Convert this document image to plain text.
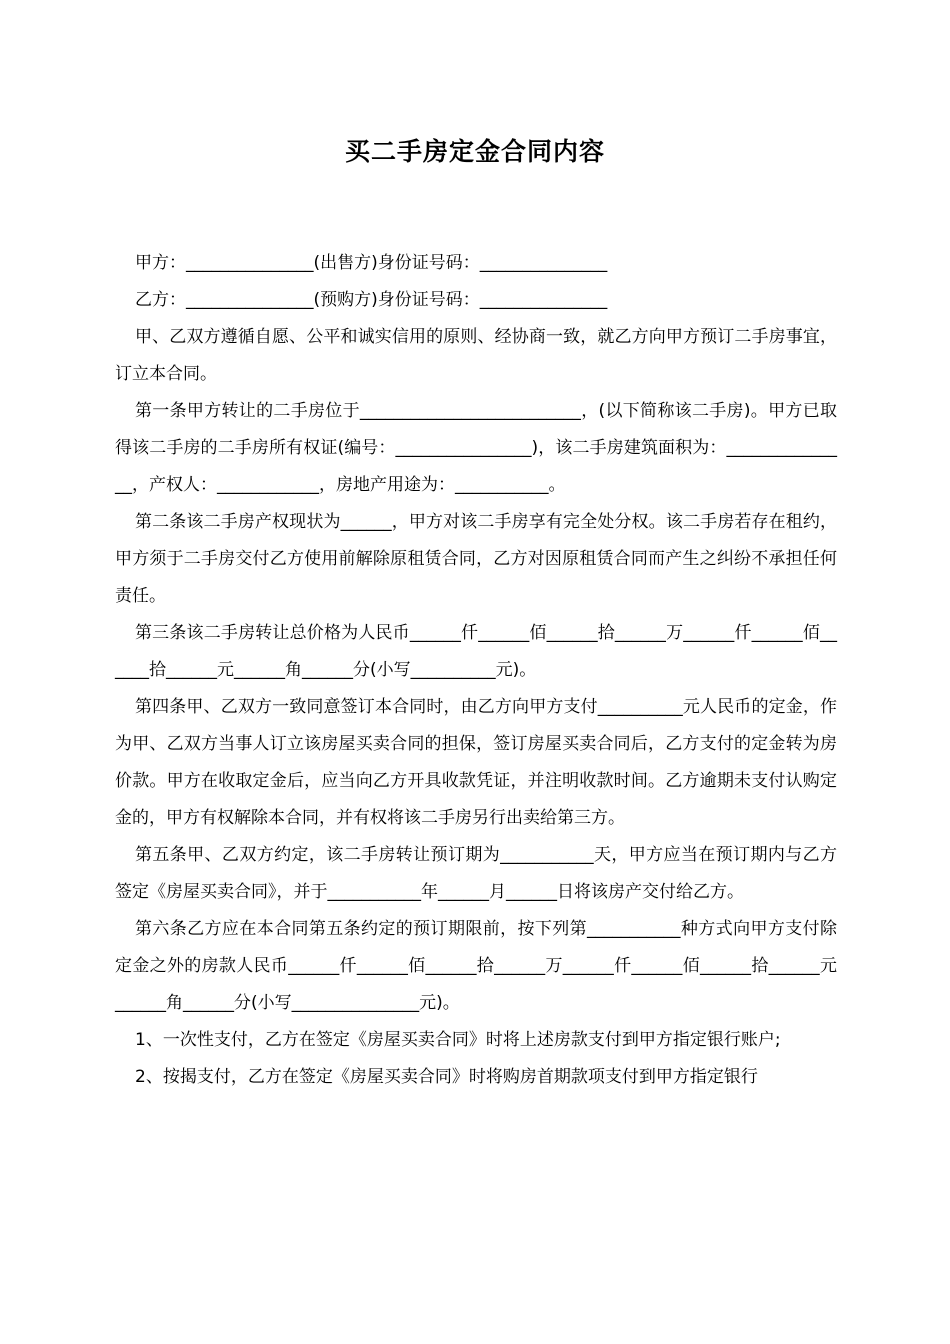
买二手房定金合同内容

甲方：_______________(出售方)身份证号码：_______________

乙方：_______________(预购方)身份证号码：_______________

甲、乙双方遵循自愿、公平和诚实信用的原则、经协商一致，就乙方向甲方预订二手房事宜，订立本合同。

第一条甲方转让的二手房位于__________________________，(以下简称该二手房)。甲方已取得该二手房的二手房所有权证(编号：________________)，该二手房建筑面积为：_______________，产权人：____________，房地产用途为：___________。

第二条该二手房产权现状为______，甲方对该二手房享有完全处分权。该二手房若存在租约，甲方须于二手房交付乙方使用前解除原租赁合同，乙方对因原租赁合同而产生之纠纷不承担任何责任。

第三条该二手房转让总价格为人民币______仟______佰______拾______万______仟______佰______拾______元______角______分(小写__________元)。

第四条甲、乙双方一致同意签订本合同时，由乙方向甲方支付__________元人民币的定金，作为甲、乙双方当事人订立该房屋买卖合同的担保，签订房屋买卖合同后，乙方支付的定金转为房价款。甲方在收取定金后，应当向乙方开具收款凭证，并注明收款时间。乙方逾期未支付认购定金的，甲方有权解除本合同，并有权将该二手房另行出卖给第三方。

第五条甲、乙双方约定，该二手房转让预订期为___________天，甲方应当在预订期内与乙方签定《房屋买卖合同》，并于___________年______月______日将该房产交付给乙方。

第六条乙方应在本合同第五条约定的预订期限前，按下列第___________种方式向甲方支付除定金之外的房款人民币______仟______佰______拾______万______仟______佰______拾______元______角______分(小写_______________元)。

1、一次性支付，乙方在签定《房屋买卖合同》时将上述房款支付到甲方指定银行账户;

2、按揭支付，乙方在签定《房屋买卖合同》时将购房首期款项支付到甲方指定银行
